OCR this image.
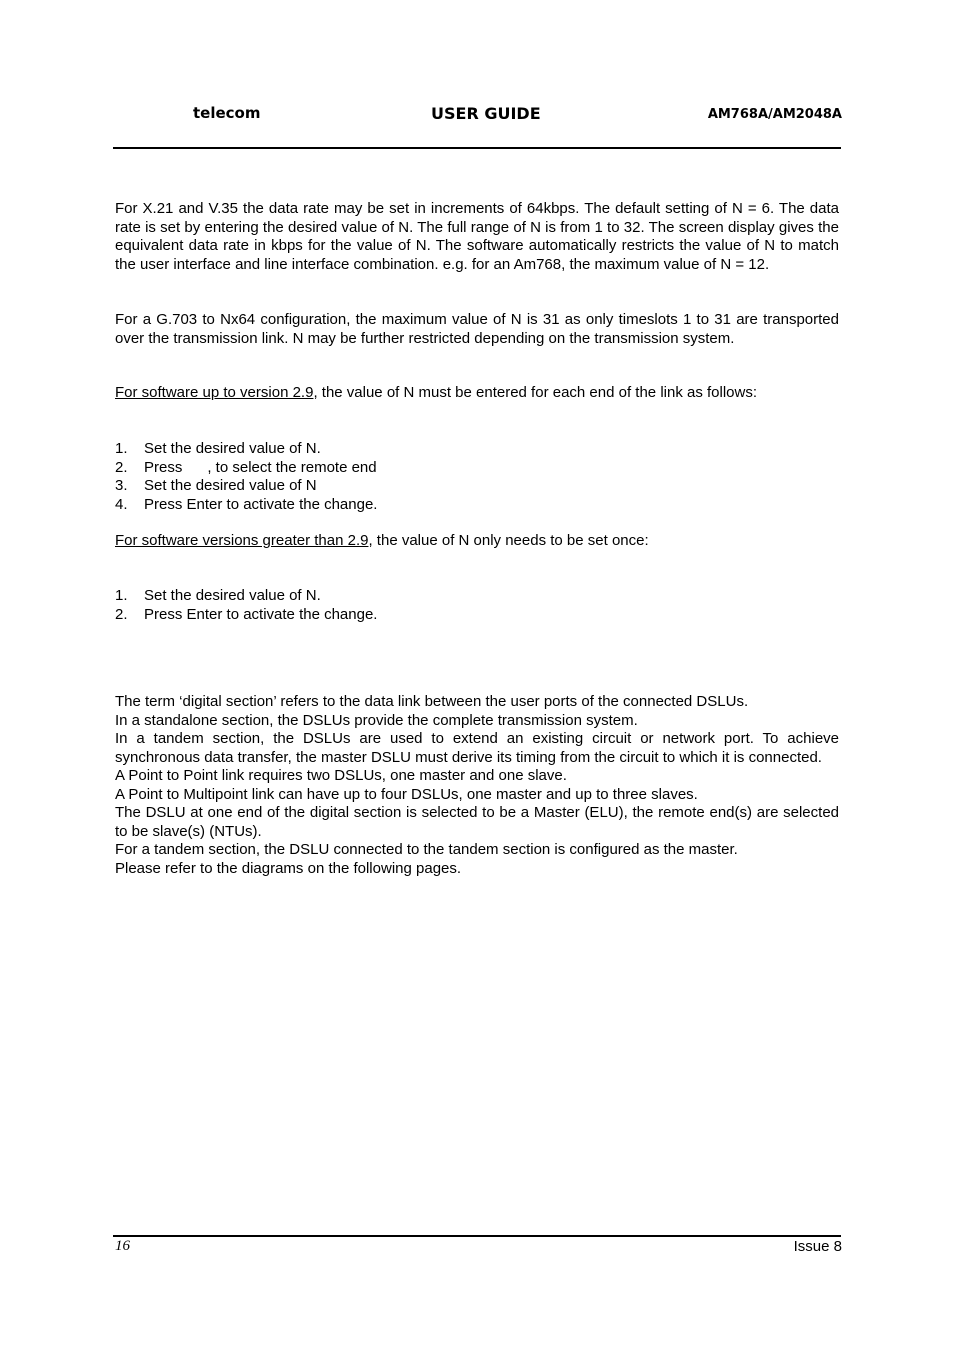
telecom	USER GUIDE	AM768A/AM2048A

For X.21 and V.35 the data rate may be set in increments of 64kbps. The default setting of N = 6. The data rate is set by entering the desired value of N. The full range of N is from 1 to 32. The screen display gives the equivalent data rate in kbps for the value of N. The software automatically restricts the value of N to match the user interface and line interface combination. e.g. for an Am768, the maximum value of N = 12.

For a G.703 to Nx64 configuration, the maximum value of N is 31 as only timeslots 1 to 31 are transported over the transmission link. N may be further restricted depending on the transmission system.

For software up to version 2.9, the value of N must be entered for each end of the link as follows:

1. Set the desired value of N.
2. Press      , to select the remote end
3. Set the desired value of N
4. Press Enter to activate the change.

For software versions greater than 2.9, the value of N only needs to be set once:

1. Set the desired value of N.
2. Press Enter to activate the change.
The term ‘digital section’ refers to the data link between the user ports of the connected DSLUs.
In a standalone section, the DSLUs provide the complete transmission system.
In a tandem section, the DSLUs are used to extend an existing circuit or network port. To achieve synchronous data transfer, the master DSLU must derive its timing from the circuit to which it is connected.
A Point to Point link requires two DSLUs, one master and one slave.
A Point to Multipoint link can have up to four DSLUs, one master and up to three slaves.
The DSLU at one end of the digital section is selected to be a Master (ELU), the remote end(s) are selected to be slave(s) (NTUs).
For a tandem section, the DSLU connected to the tandem section is configured as the master.
Please refer to the diagrams on the following pages.
16	Issue 8
